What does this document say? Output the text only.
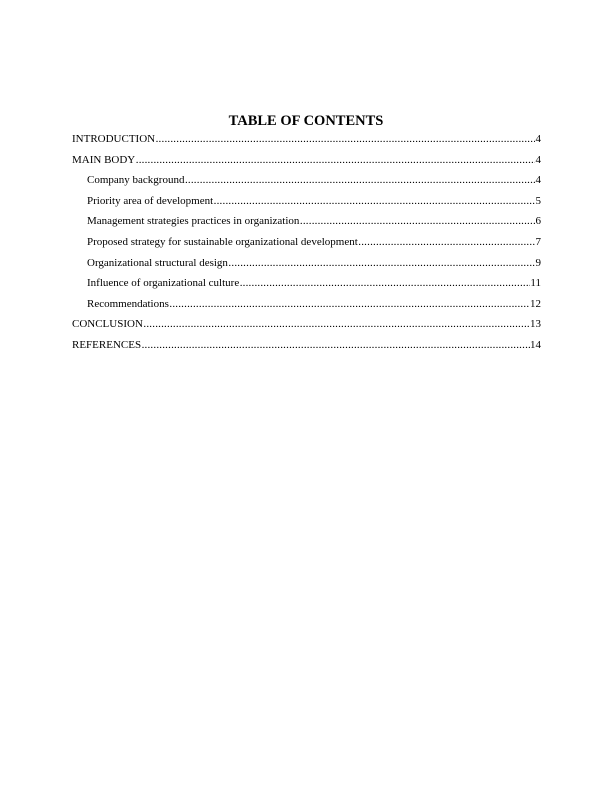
TABLE OF CONTENTS
INTRODUCTION .....	4
MAIN BODY .....	4
Company background .....	4
Priority area of development .....	5
Management strategies practices in organization .....	6
Proposed strategy for sustainable organizational development .....	7
Organizational structural design .....	9
Influence of organizational culture .....	11
Recommendations .....	12
CONCLUSION .....	13
REFERENCES .....	14
